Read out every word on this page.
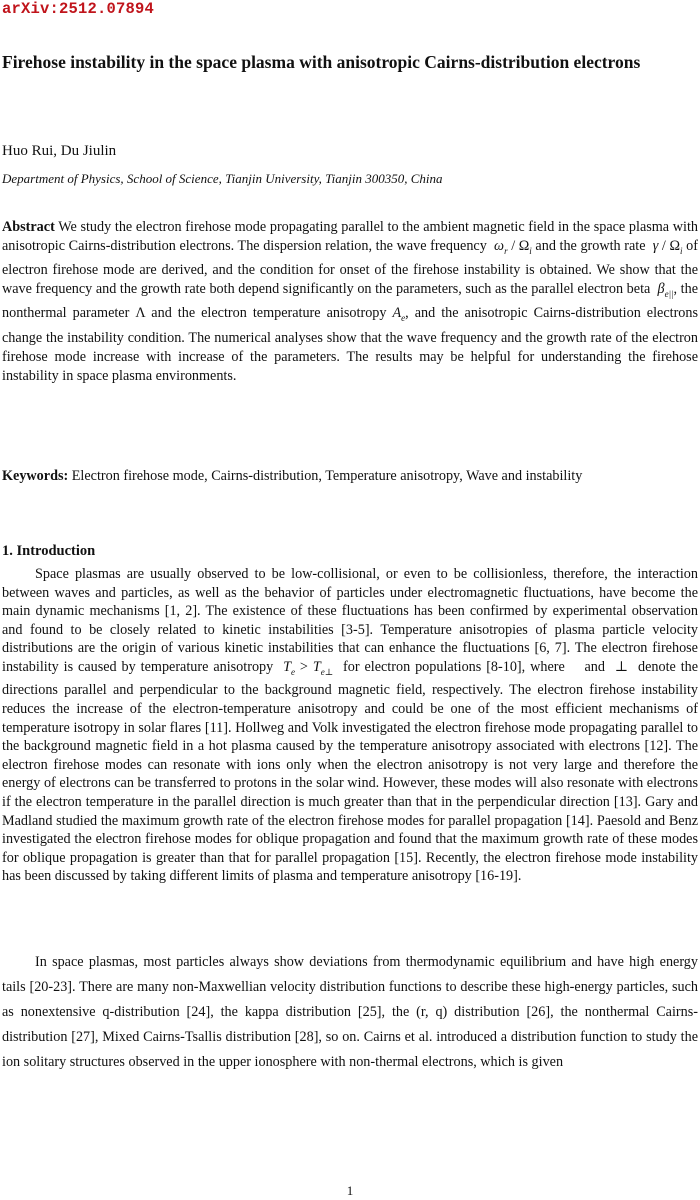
arXiv:2512.07894
Firehose instability in the space plasma with anisotropic Cairns-distribution electrons
Huo Rui, Du Jiulin
Department of Physics, School of Science, Tianjin University, Tianjin 300350, China
Abstract We study the electron firehose mode propagating parallel to the ambient magnetic field in the space plasma with anisotropic Cairns-distribution electrons. The dispersion relation, the wave frequency $\omega_r / \Omega_i$ and the growth rate γ / $\Omega_i$ of electron firehose mode are derived, and the condition for onset of the firehose instability is obtained. We show that the wave frequency and the growth rate both depend significantly on the parameters, such as the parallel electron beta $\beta_{e||}$, the nonthermal parameter Λ and the electron temperature anisotropy $A_e$, and the anisotropic Cairns-distribution electrons change the instability condition. The numerical analyses show that the wave frequency and the growth rate of the electron firehose mode increase with increase of the parameters. The results may be helpful for understanding the firehose instability in space plasma environments.
Keywords: Electron firehose mode, Cairns-distribution, Temperature anisotropy, Wave and instability
1. Introduction
Space plasmas are usually observed to be low-collisional, or even to be collisionless, therefore, the interaction between waves and particles, as well as the behavior of particles under electromagnetic fluctuations, have become the main dynamic mechanisms [1, 2]. The existence of these fluctuations has been confirmed by experimental observation and found to be closely related to kinetic instabilities [3-5]. Temperature anisotropies of plasma particle velocity distributions are the origin of various kinetic instabilities that can enhance the fluctuations [6, 7]. The electron firehose instability is caused by temperature anisotropy $T_e > T_{e\perp}$ for electron populations [8-10], where and ⊥ denote the directions parallel and perpendicular to the background magnetic field, respectively. The electron firehose instability reduces the increase of the electron-temperature anisotropy and could be one of the most efficient mechanisms of temperature isotropy in solar flares [11]. Hollweg and Volk investigated the electron firehose mode propagating parallel to the background magnetic field in a hot plasma caused by the temperature anisotropy associated with electrons [12]. The electron firehose modes can resonate with ions only when the electron anisotropy is not very large and therefore the energy of electrons can be transferred to protons in the solar wind. However, these modes will also resonate with electrons if the electron temperature in the parallel direction is much greater than that in the perpendicular direction [13]. Gary and Madland studied the maximum growth rate of the electron firehose modes for parallel propagation [14]. Paesold and Benz investigated the electron firehose modes for oblique propagation and found that the maximum growth rate of these modes for oblique propagation is greater than that for parallel propagation [15]. Recently, the electron firehose mode instability has been discussed by taking different limits of plasma and temperature anisotropy [16-19].
In space plasmas, most particles always show deviations from thermodynamic equilibrium and have high energy tails [20-23]. There are many non-Maxwellian velocity distribution functions to describe these high-energy particles, such as nonextensive q-distribution [24], the kappa distribution [25], the (r, q) distribution [26], the nonthermal Cairns-distribution [27], Mixed Cairns-Tsallis distribution [28], so on. Cairns et al. introduced a distribution function to study the ion solitary structures observed in the upper ionosphere with non-thermal electrons, which is given
1
